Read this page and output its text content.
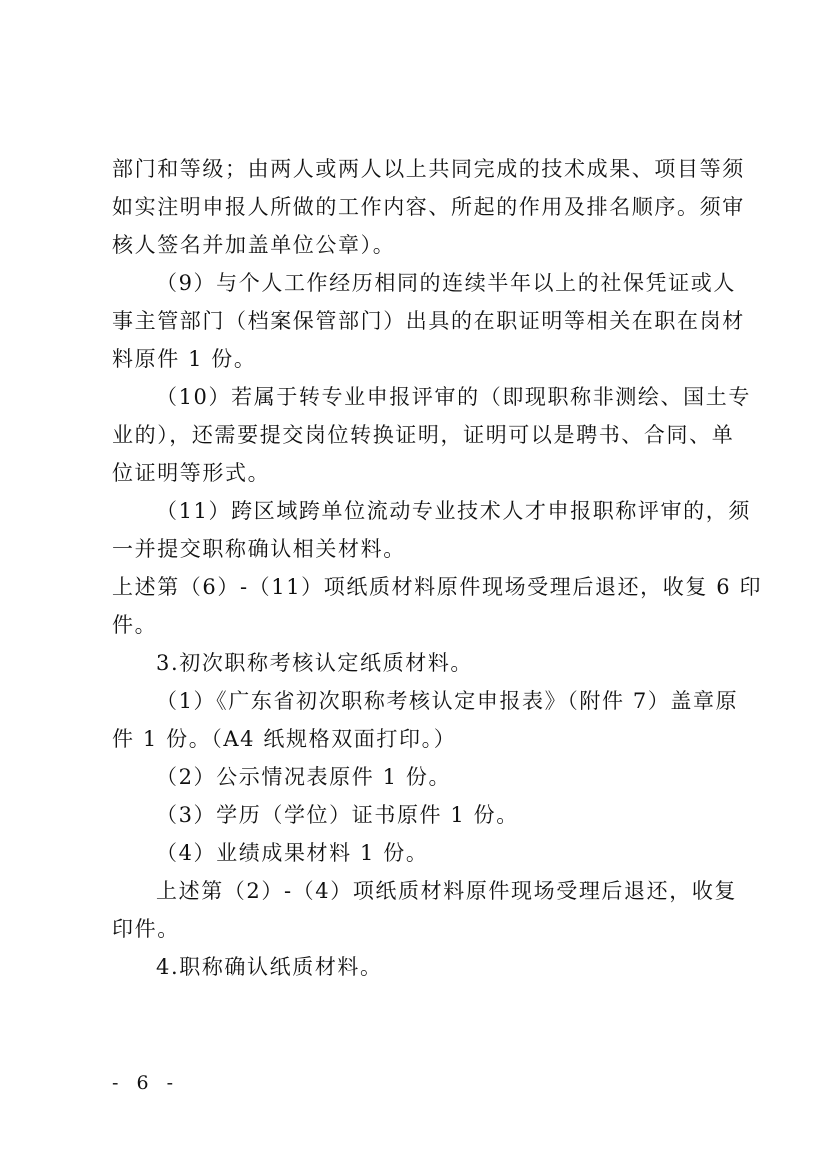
部门和等级；由两人或两人以上共同完成的技术成果、项目等须
如实注明申报人所做的工作内容、所起的作用及排名顺序。须审
核人签名并加盖单位公章）。
（9）与个人工作经历相同的连续半年以上的社保凭证或人
事主管部门（档案保管部门）出具的在职证明等相关在职在岗材
料原件 1 份。
（10）若属于转专业申报评审的（即现职称非测绘、国土专
业的），还需要提交岗位转换证明，证明可以是聘书、合同、单
位证明等形式。
（11）跨区域跨单位流动专业技术人才申报职称评审的，须
一并提交职称确认相关材料。
上述第（6）-（11）项纸质材料原件现场受理后退还，收复 6 印
件。
3.初次职称考核认定纸质材料。
（1）《广东省初次职称考核认定申报表》（附件 7）盖章原
件 1 份。（A4 纸规格双面打印。）
（2）公示情况表原件 1 份。
（3）学历（学位）证书原件 1 份。
（4）业绩成果材料 1 份。
上述第（2）-（4）项纸质材料原件现场受理后退还，收复
印件。
4.职称确认纸质材料。
- 6 -
